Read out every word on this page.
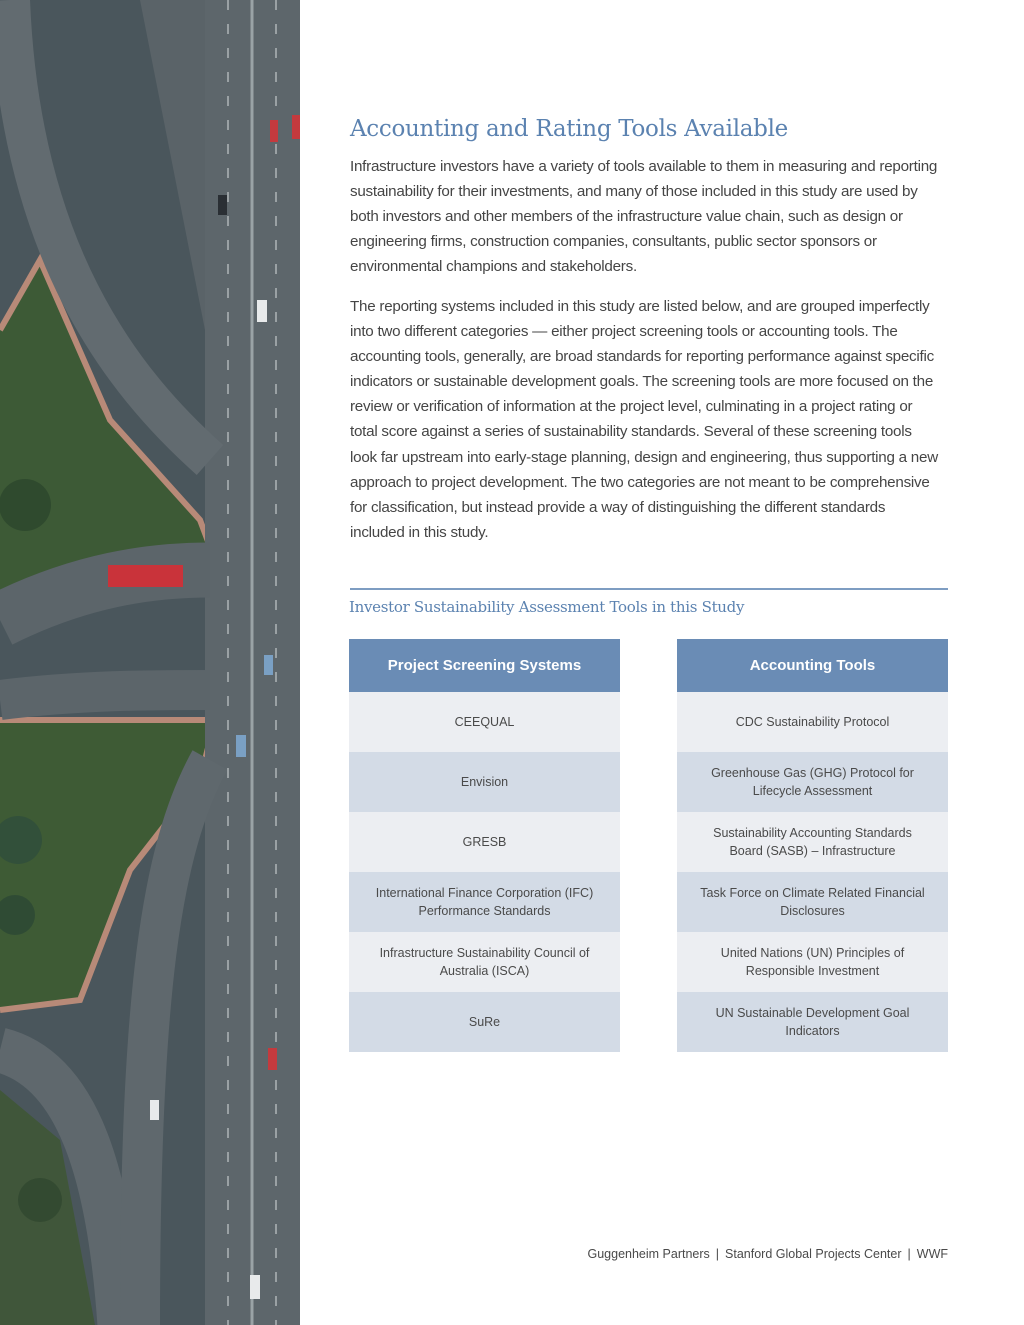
Accounting and Rating Tools Available
Infrastructure investors have a variety of tools available to them in measuring and reporting sustainability for their investments, and many of those included in this study are used by both investors and other members of the infrastructure value chain, such as design or engineering firms, construction companies, consultants, public sector sponsors or environmental champions and stakeholders.
The reporting systems included in this study are listed below, and are grouped imperfectly into two different categories — either project screening tools or accounting tools. The accounting tools, generally, are broad standards for reporting performance against specific indicators or sustainable development goals. The screening tools are more focused on the review or verification of information at the project level, culminating in a project rating or total score against a series of sustainability standards. Several of these screening tools look far upstream into early-stage planning, design and engineering, thus supporting a new approach to project development. The two categories are not meant to be comprehensive for classification, but instead provide a way of distinguishing the different standards included in this study.
Investor Sustainability Assessment Tools in this Study
Project Screening Systems
CEEQUAL
Envision
GRESB
International Finance Corporation (IFC) Performance Standards
Infrastructure Sustainability Council of Australia (ISCA)
SuRe
Accounting Tools
CDC Sustainability Protocol
Greenhouse Gas (GHG) Protocol for Lifecycle Assessment
Sustainability Accounting Standards Board (SASB) – Infrastructure
Task Force on Climate Related Financial Disclosures
United Nations (UN) Principles of Responsible Investment
UN Sustainable Development Goal Indicators
Guggenheim Partners | Stanford Global Projects Center | WWF
